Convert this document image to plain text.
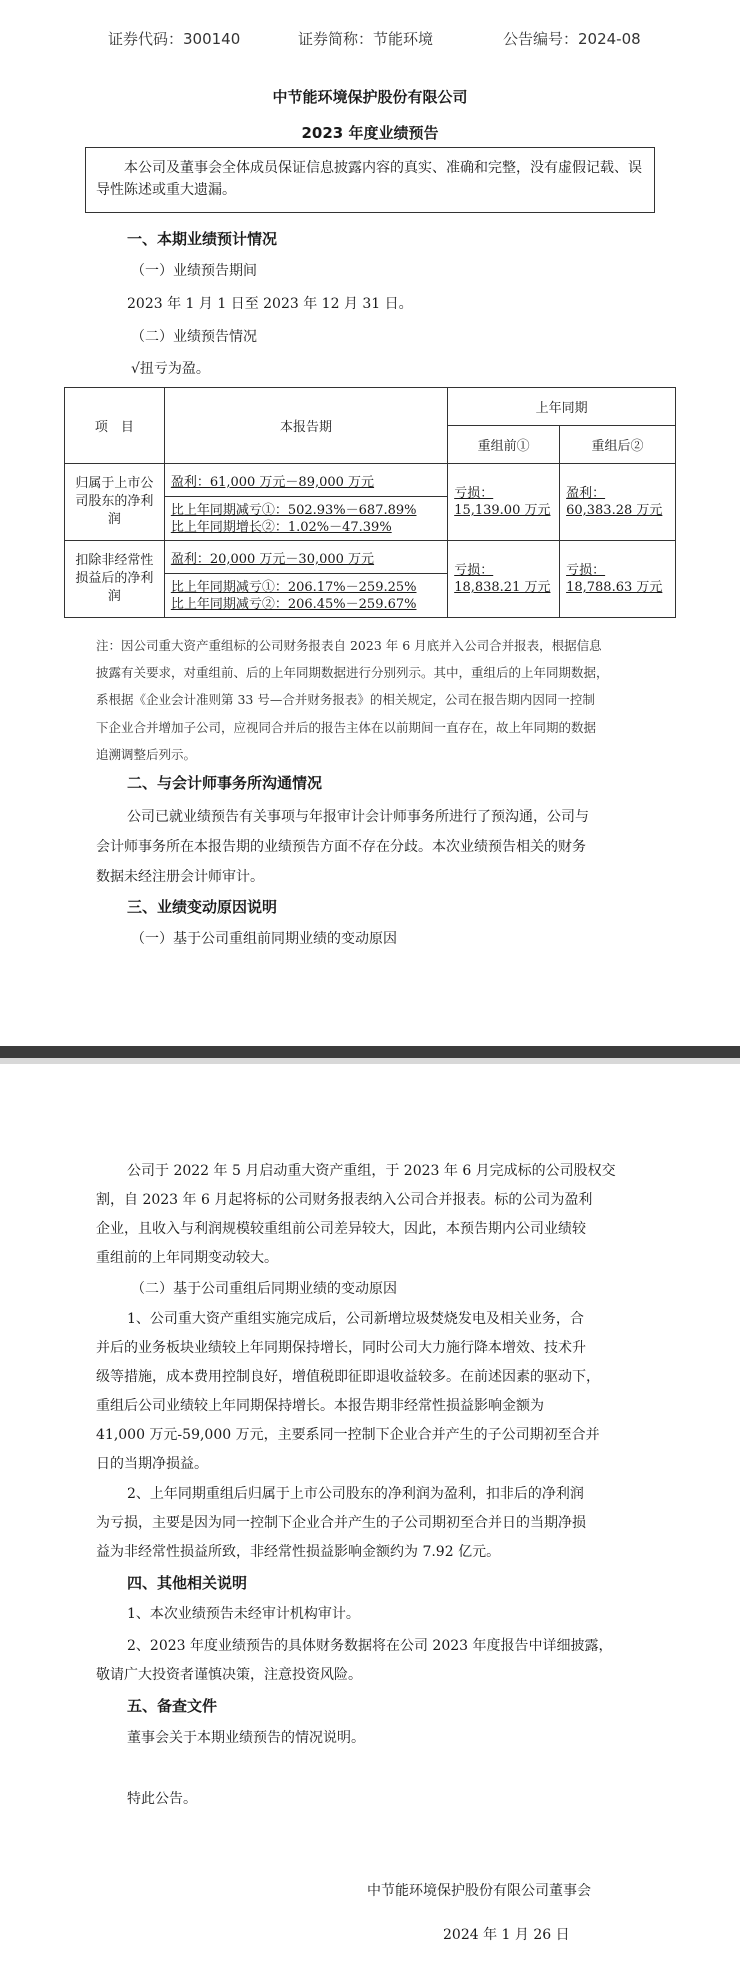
证券代码：300140	证券简称：节能环境	公告编号：2024-08
中节能环境保护股份有限公司
2023 年度业绩预告

本公司及董事会全体成员保证信息披露内容的真实、准确和完整，没有虚假记载、误导性陈述或重大遗漏。

一、本期业绩预计情况
（一）业绩预告期间
2023 年 1 月 1 日至 2023 年 12 月 31 日。
（二）业绩预告情况
√扭亏为盈。
项　目	本报告期	上年同期	
		重组前①	重组后②
归属于上市公司股东的净利润	盈利：61,000 万元－89,000 万元	亏损：15,139.00 万元	盈利：60,383.28 万元

	比上年同期减亏①：502.93%－687.89%
比上年同期增长②：1.02%－47.39%		

扣除非经常性损益后的净利润	盈利：20,000 万元－30,000 万元	亏损：18,838.21 万元	亏损：18,788.63 万元

	比上年同期减亏①：206.17%－259.25%
比上年同期减亏②：206.45%－259.67%		
注：因公司重大资产重组标的公司财务报表自 2023 年 6 月底并入公司合并报表，根据信息
披露有关要求，对重组前、后的上年同期数据进行分别列示。其中，重组后的上年同期数据，
系根据《企业会计准则第 33 号—合并财务报表》的相关规定，公司在报告期内因同一控制
下企业合并增加子公司，应视同合并后的报告主体在以前期间一直存在，故上年同期的数据
追溯调整后列示。
二、与会计师事务所沟通情况
公司已就业绩预告有关事项与年报审计会计师事务所进行了预沟通，公司与
会计师事务所在本报告期的业绩预告方面不存在分歧。本次业绩预告相关的财务
数据未经注册会计师审计。
三、业绩变动原因说明
（一）基于公司重组前同期业绩的变动原因
公司于 2022 年 5 月启动重大资产重组，于 2023 年 6 月完成标的公司股权交
割，自 2023 年 6 月起将标的公司财务报表纳入公司合并报表。标的公司为盈利
企业，且收入与利润规模较重组前公司差异较大，因此，本预告期内公司业绩较
重组前的上年同期变动较大。
（二）基于公司重组后同期业绩的变动原因
1、公司重大资产重组实施完成后，公司新增垃圾焚烧发电及相关业务，合
并后的业务板块业绩较上年同期保持增长，同时公司大力施行降本增效、技术升
级等措施，成本费用控制良好，增值税即征即退收益较多。在前述因素的驱动下，
重组后公司业绩较上年同期保持增长。本报告期非经常性损益影响金额为
41,000 万元-59,000 万元，主要系同一控制下企业合并产生的子公司期初至合并
日的当期净损益。
2、上年同期重组后归属于上市公司股东的净利润为盈利，扣非后的净利润
为亏损，主要是因为同一控制下企业合并产生的子公司期初至合并日的当期净损
益为非经常性损益所致，非经常性损益影响金额约为 7.92 亿元。
四、其他相关说明
1、本次业绩预告未经审计机构审计。
2、2023 年度业绩预告的具体财务数据将在公司 2023 年度报告中详细披露，
敬请广大投资者谨慎决策，注意投资风险。
五、备查文件
董事会关于本期业绩预告的情况说明。
特此公告。
中节能环境保护股份有限公司董事会
2024 年 1 月 26 日
